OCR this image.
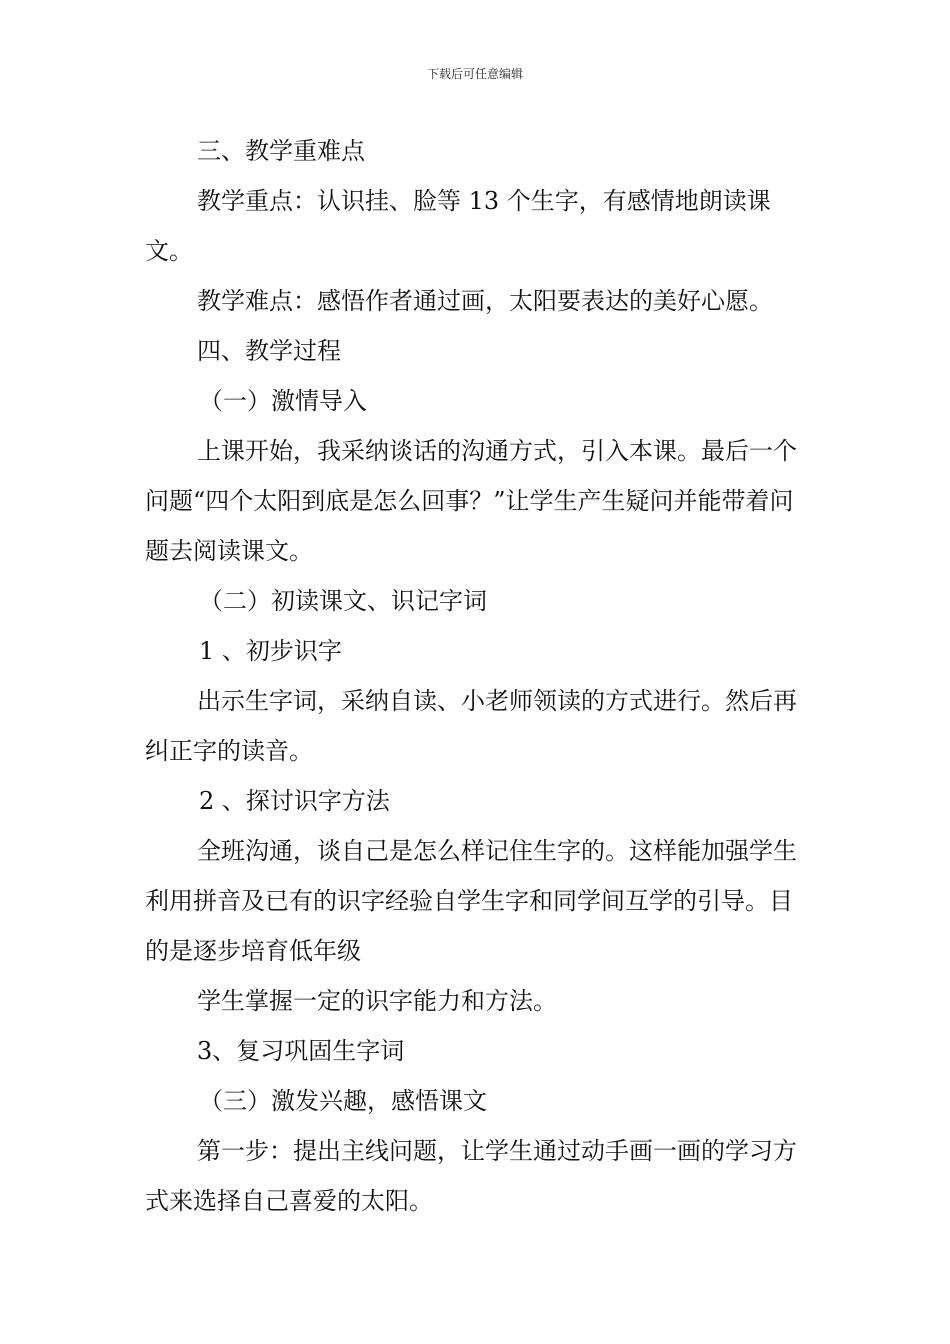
下载后可任意编辑

三、教学重难点

教学重点：认识挂、脸等 13 个生字，有感情地朗读课文。

教学难点：感悟作者通过画，太阳要表达的美好心愿。

四、教学过程

（一）激情导入

上课开始，我采纳谈话的沟通方式，引入本课。最后一个问题“四个太阳到底是怎么回事？”让学生产生疑问并能带着问题去阅读课文。

（二）初读课文、识记字词

1 、初步识字

出示生字词，采纳自读、小老师领读的方式进行。然后再纠正字的读音。

2 、探讨识字方法

全班沟通，谈自己是怎么样记住生字的。这样能加强学生利用拼音及已有的识字经验自学生字和同学间互学的引导。目的是逐步培育低年级

学生掌握一定的识字能力和方法。

3、复习巩固生字词

（三）激发兴趣，感悟课文

第一步：提出主线问题，让学生通过动手画一画的学习方式来选择自己喜爱的太阳。
